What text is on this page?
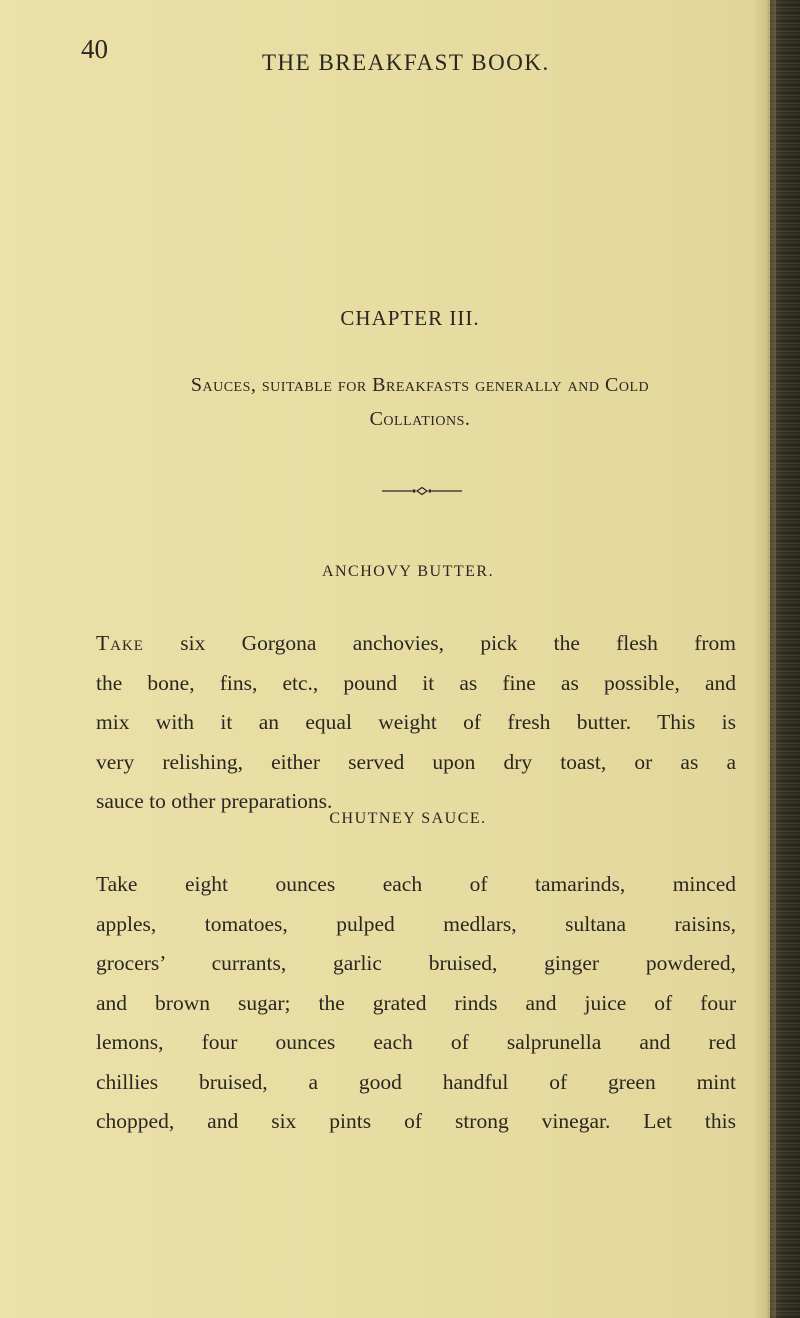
40	THE BREAKFAST BOOK.
CHAPTER III.
Sauces, suitable for Breakfasts generally and Cold
Collations.
ANCHOVY BUTTER.
Take six Gorgona anchovies, pick the flesh from
the bone, fins, etc., pound it as fine as possible, and
mix with it an equal weight of fresh butter. This is
very relishing, either served upon dry toast, or as a
sauce to other preparations.
CHUTNEY SAUCE.
Take eight ounces each of tamarinds, minced
apples, tomatoes, pulped medlars, sultana raisins,
grocers’ currants, garlic bruised, ginger powdered,
and brown sugar; the grated rinds and juice of four
lemons, four ounces each of salprunella and red
chillies bruised, a good handful of green mint
chopped, and six pints of strong vinegar. Let this
